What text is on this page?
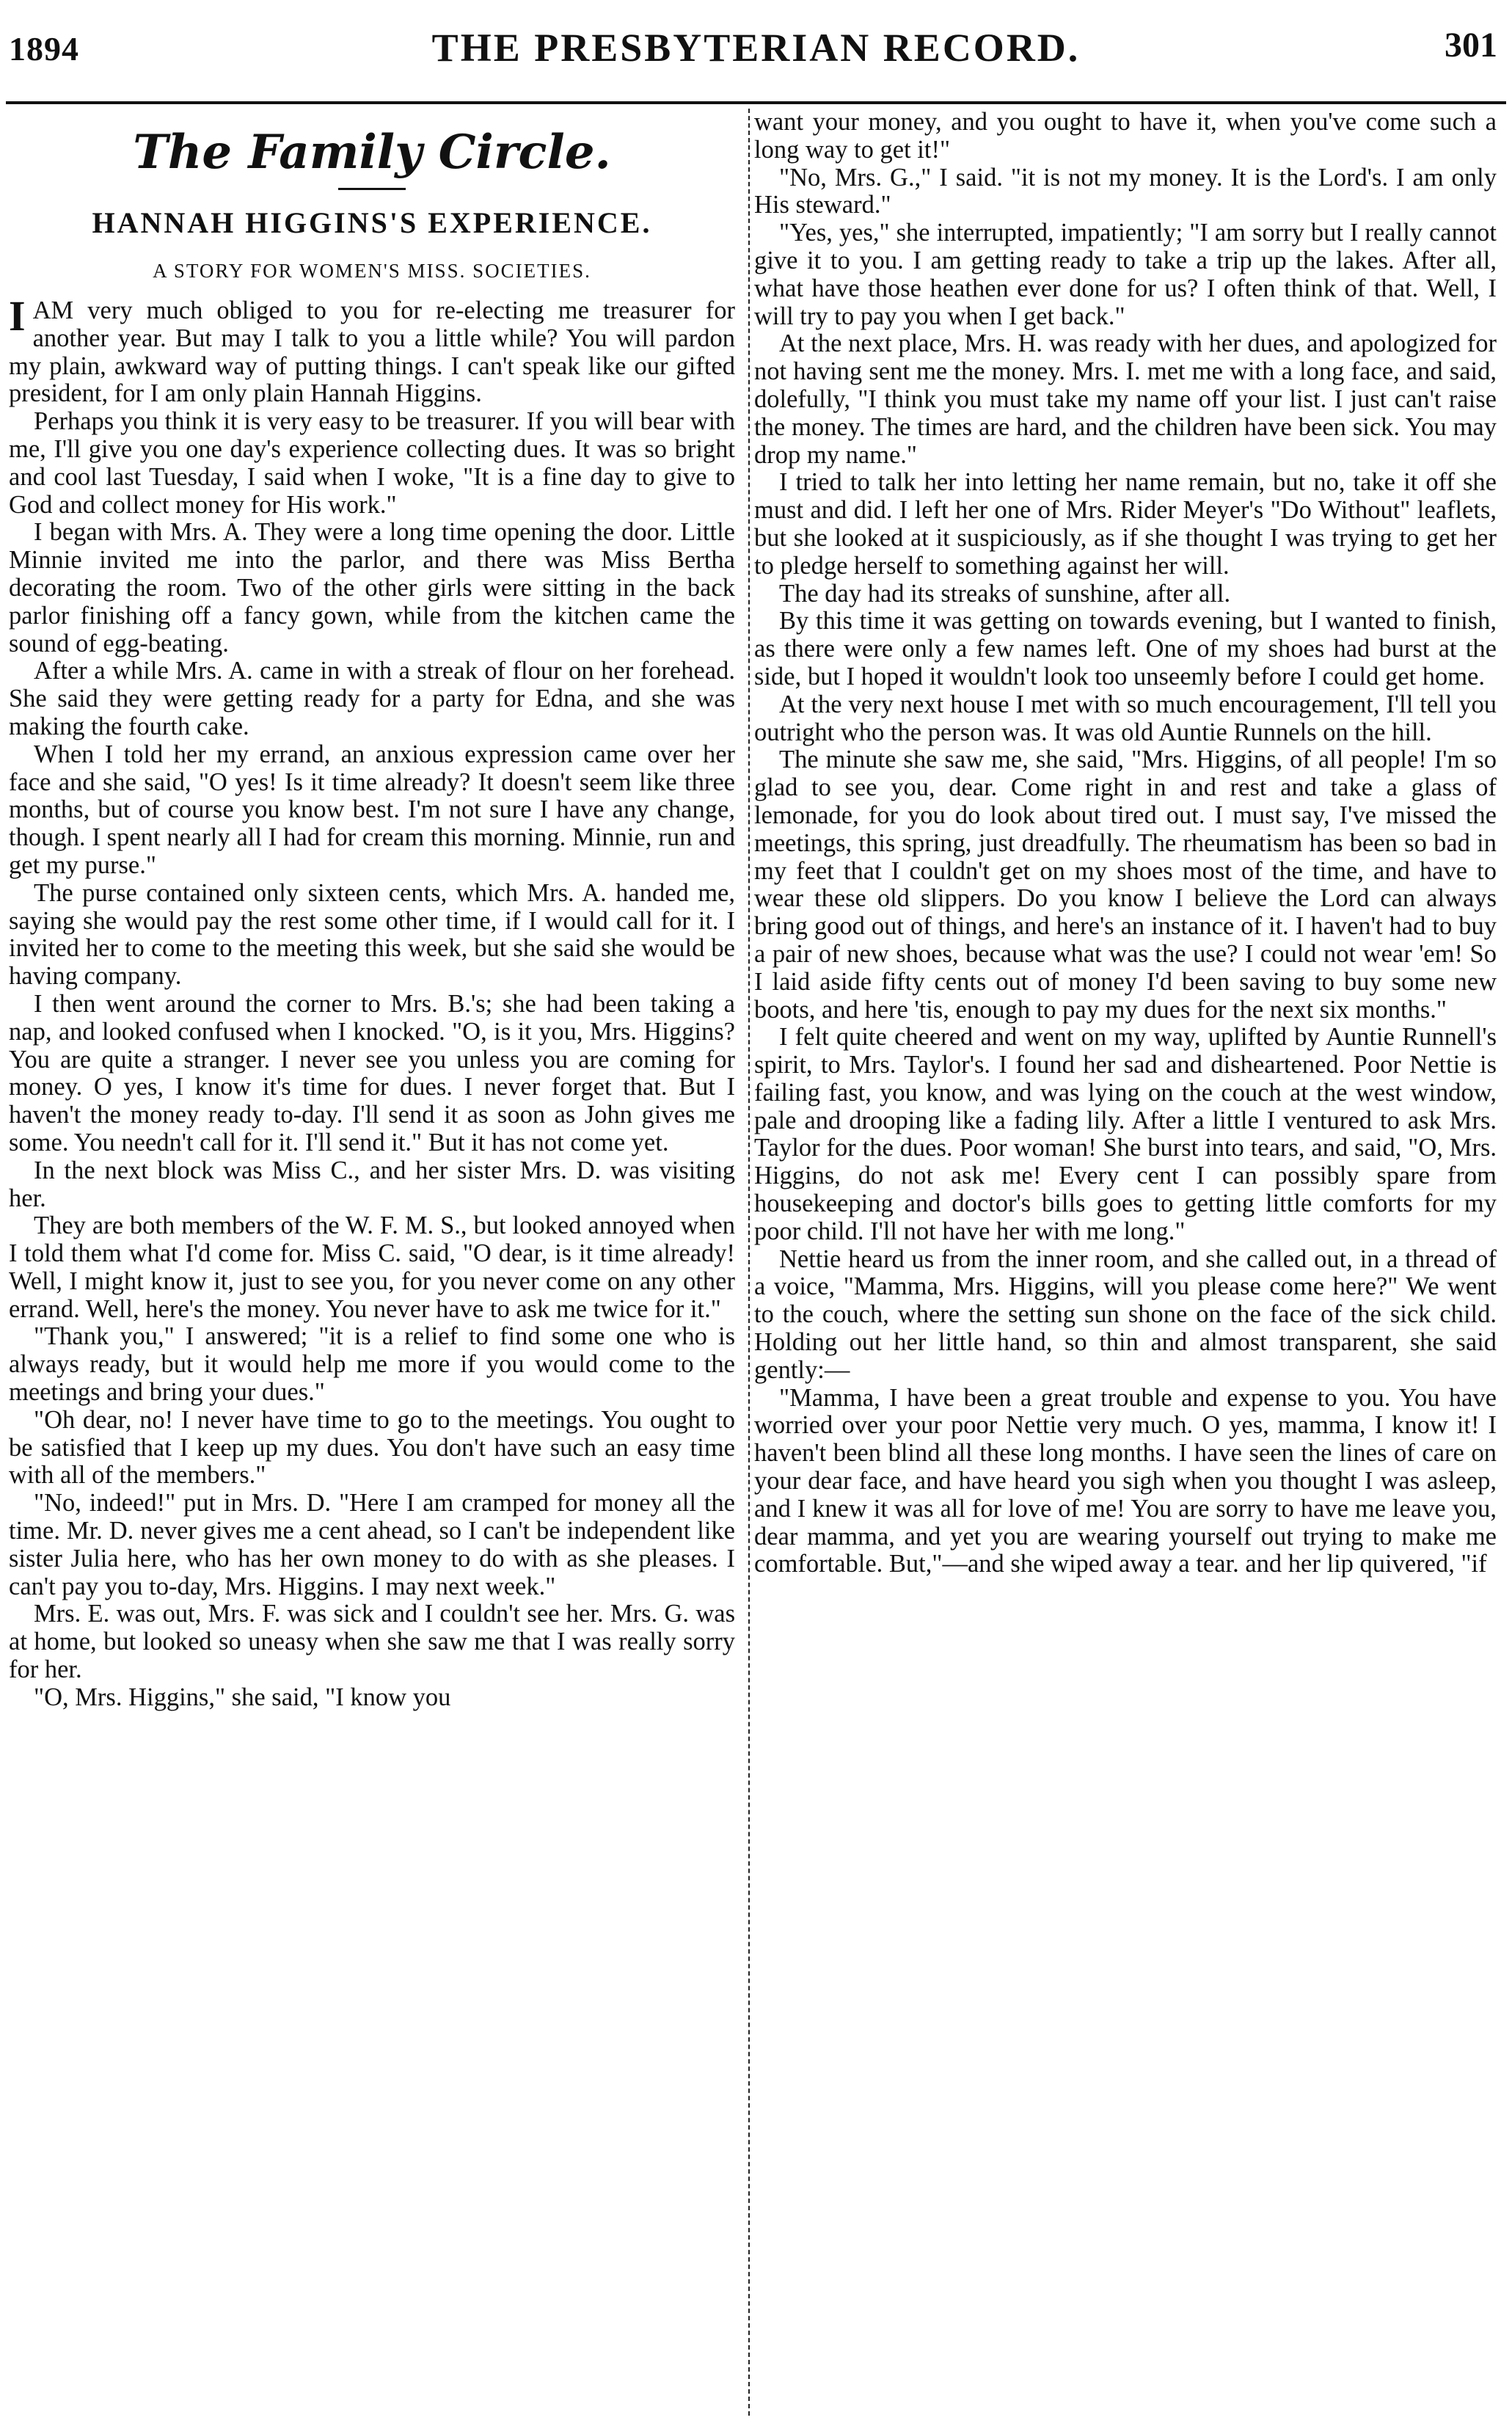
1894	THE PRESBYTERIAN RECORD.	301
The Family Circle.
HANNAH HIGGINS'S EXPERIENCE.
A STORY FOR WOMEN'S MISS. SOCIETIES.

IAM very much obliged to you for re-electing me treasurer for another year. But may I talk to you a little while? You will pardon my plain, awkward way of putting things. I can't speak like our gifted president, for I am only plain Hannah Higgins.

Perhaps you think it is very easy to be treasurer. If you will bear with me, I'll give you one day's experience collecting dues. It was so bright and cool last Tuesday, I said when I woke, "It is a fine day to give to God and collect money for His work."

I began with Mrs. A. They were a long time opening the door. Little Minnie invited me into the parlor, and there was Miss Bertha decorating the room. Two of the other girls were sitting in the back parlor finishing off a fancy gown, while from the kitchen came the sound of egg-beating.

After a while Mrs. A. came in with a streak of flour on her forehead. She said they were getting ready for a party for Edna, and she was making the fourth cake.

When I told her my errand, an anxious expression came over her face and she said, "O yes! Is it time already? It doesn't seem like three months, but of course you know best. I'm not sure I have any change, though. I spent nearly all I had for cream this morning. Minnie, run and get my purse."

The purse contained only sixteen cents, which Mrs. A. handed me, saying she would pay the rest some other time, if I would call for it. I invited her to come to the meeting this week, but she said she would be having company.

I then went around the corner to Mrs. B.'s; she had been taking a nap, and looked confused when I knocked. "O, is it you, Mrs. Higgins? You are quite a stranger. I never see you unless you are coming for money. O yes, I know it's time for dues. I never forget that. But I haven't the money ready to-day. I'll send it as soon as John gives me some. You needn't call for it. I'll send it." But it has not come yet.

In the next block was Miss C., and her sister Mrs. D. was visiting her.

They are both members of the W. F. M. S., but looked annoyed when I told them what I'd come for. Miss C. said, "O dear, is it time already! Well, I might know it, just to see you, for you never come on any other errand. Well, here's the money. You never have to ask me twice for it."

"Thank you," I answered; "it is a relief to find some one who is always ready, but it would help me more if you would come to the meetings and bring your dues."

"Oh dear, no! I never have time to go to the meetings. You ought to be satisfied that I keep up my dues. You don't have such an easy time with all of the members."

"No, indeed!" put in Mrs. D. "Here I am cramped for money all the time. Mr. D. never gives me a cent ahead, so I can't be independent like sister Julia here, who has her own money to do with as she pleases. I can't pay you to-day, Mrs. Higgins. I may next week."

Mrs. E. was out, Mrs. F. was sick and I couldn't see her. Mrs. G. was at home, but looked so uneasy when she saw me that I was really sorry for her.

"O, Mrs. Higgins," she said, "I know you

want your money, and you ought to have it, when you've come such a long way to get it!"

"No, Mrs. G.," I said. "it is not my money. It is the Lord's. I am only His steward."

"Yes, yes," she interrupted, impatiently; "I am sorry but I really cannot give it to you. I am getting ready to take a trip up the lakes. After all, what have those heathen ever done for us? I often think of that. Well, I will try to pay you when I get back."

At the next place, Mrs. H. was ready with her dues, and apologized for not having sent me the money. Mrs. I. met me with a long face, and said, dolefully, "I think you must take my name off your list. I just can't raise the money. The times are hard, and the children have been sick. You may drop my name."

I tried to talk her into letting her name remain, but no, take it off she must and did. I left her one of Mrs. Rider Meyer's "Do Without" leaflets, but she looked at it suspiciously, as if she thought I was trying to get her to pledge herself to something against her will.

The day had its streaks of sunshine, after all.

By this time it was getting on towards evening, but I wanted to finish, as there were only a few names left. One of my shoes had burst at the side, but I hoped it wouldn't look too unseemly before I could get home.

At the very next house I met with so much encouragement, I'll tell you outright who the person was. It was old Auntie Runnels on the hill.

The minute she saw me, she said, "Mrs. Higgins, of all people! I'm so glad to see you, dear. Come right in and rest and take a glass of lemonade, for you do look about tired out. I must say, I've missed the meetings, this spring, just dreadfully. The rheumatism has been so bad in my feet that I couldn't get on my shoes most of the time, and have to wear these old slippers. Do you know I believe the Lord can always bring good out of things, and here's an instance of it. I haven't had to buy a pair of new shoes, because what was the use? I could not wear 'em! So I laid aside fifty cents out of money I'd been saving to buy some new boots, and here 'tis, enough to pay my dues for the next six months."

I felt quite cheered and went on my way, uplifted by Auntie Runnell's spirit, to Mrs. Taylor's. I found her sad and disheartened. Poor Nettie is failing fast, you know, and was lying on the couch at the west window, pale and drooping like a fading lily. After a little I ventured to ask Mrs. Taylor for the dues. Poor woman! She burst into tears, and said, "O, Mrs. Higgins, do not ask me! Every cent I can possibly spare from housekeeping and doctor's bills goes to getting little comforts for my poor child. I'll not have her with me long."

Nettie heard us from the inner room, and she called out, in a thread of a voice, "Mamma, Mrs. Higgins, will you please come here?" We went to the couch, where the setting sun shone on the face of the sick child. Holding out her little hand, so thin and almost transparent, she said gently:—

"Mamma, I have been a great trouble and expense to you. You have worried over your poor Nettie very much. O yes, mamma, I know it! I haven't been blind all these long months. I have seen the lines of care on your dear face, and have heard you sigh when you thought I was asleep, and I knew it was all for love of me! You are sorry to have me leave you, dear mamma, and yet you are wearing yourself out trying to make me comfortable. But,"—and she wiped away a tear. and her lip quivered, "if
